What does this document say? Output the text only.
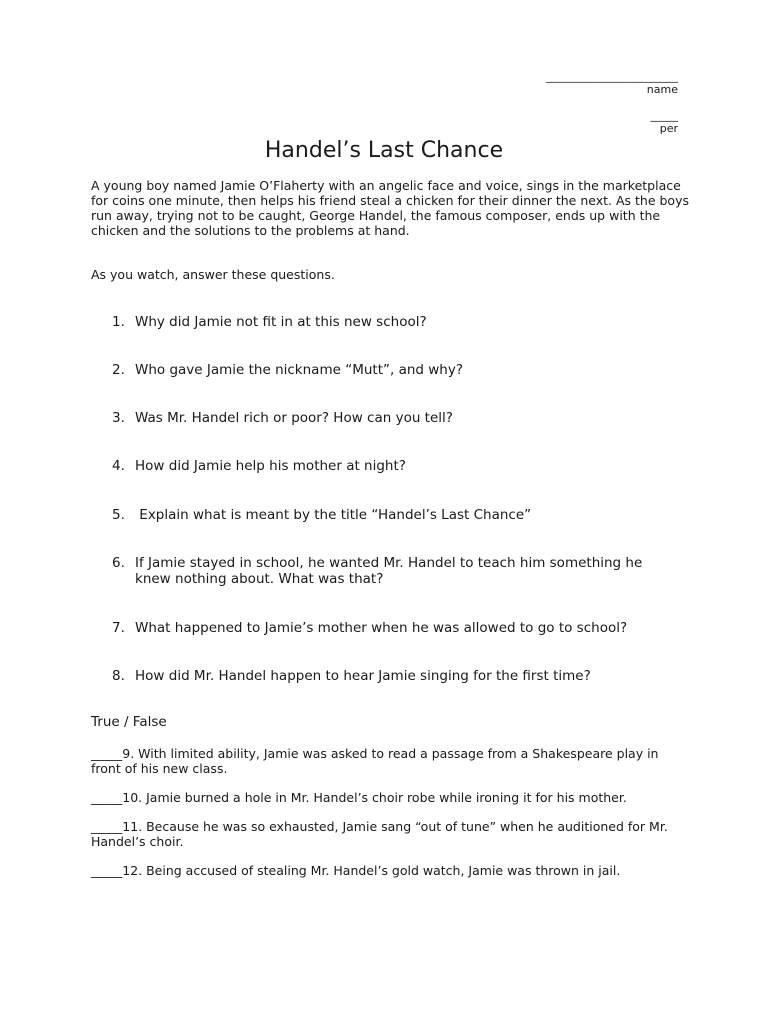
________________________
name
_____
per
Handel’s Last Chance

A young boy named Jamie O’Flaherty with an angelic face and voice, sings in the marketplace for coins one minute, then helps his friend steal a chicken for their dinner the next. As the boys run away, trying not to be caught, George Handel, the famous composer, ends up with the chicken and the solutions to the problems at hand.

As you watch, answer these questions.
1. Why did Jamie not fit in at this new school?
2. Who gave Jamie the nickname “Mutt”, and why?
3. Was Mr. Handel rich or poor? How can you tell?
4. How did Jamie help his mother at night?
5. Explain what is meant by the title “Handel’s Last Chance”
6. If Jamie stayed in school, he wanted Mr. Handel to teach him something he knew nothing about. What was that?
7. What happened to Jamie’s mother when he was allowed to go to school?
8. How did Mr. Handel happen to hear Jamie singing for the first time?
True / False
_____9. With limited ability, Jamie was asked to read a passage from a Shakespeare play in front of his new class.
_____10. Jamie burned a hole in Mr. Handel’s choir robe while ironing it for his mother.
_____11. Because he was so exhausted, Jamie sang “out of tune” when he auditioned for Mr. Handel’s choir.
_____12. Being accused of stealing Mr. Handel’s gold watch, Jamie was thrown in jail.
